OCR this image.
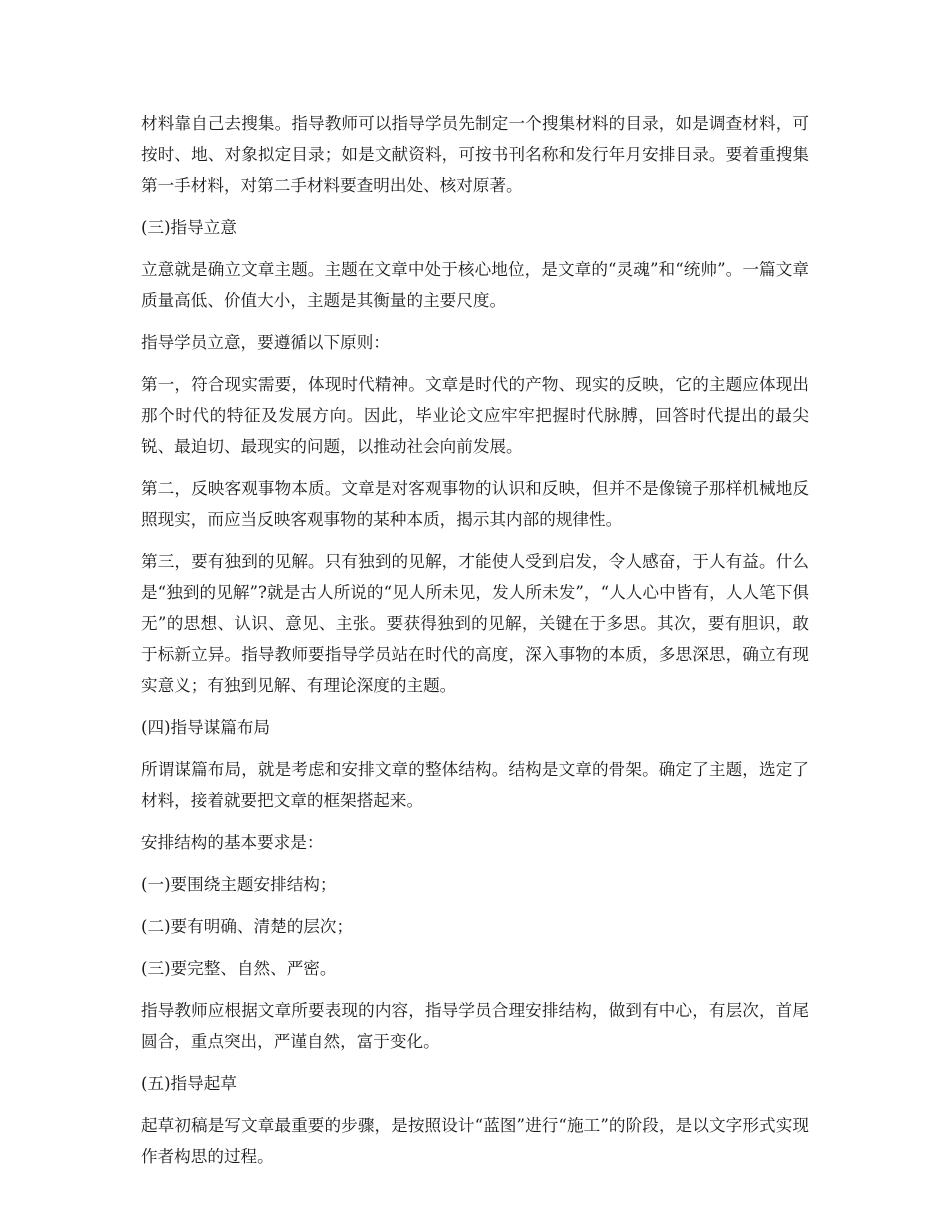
材料靠自己去搜集。指导教师可以指导学员先制定一个搜集材料的目录，如是调查材料，可按时、地、对象拟定目录；如是文献资料，可按书刊名称和发行年月安排目录。要着重搜集第一手材料，对第二手材料要查明出处、核对原著。

(三)指导立意

立意就是确立文章主题。主题在文章中处于核心地位，是文章的“灵魂”和“统帅”。一篇文章质量高低、价值大小，主题是其衡量的主要尺度。

指导学员立意，要遵循以下原则：

第一，符合现实需要，体现时代精神。文章是时代的产物、现实的反映，它的主题应体现出那个时代的特征及发展方向。因此，毕业论文应牢牢把握时代脉膊，回答时代提出的最尖锐、最迫切、最现实的问题，以推动社会向前发展。

第二，反映客观事物本质。文章是对客观事物的认识和反映，但并不是像镜子那样机械地反照现实，而应当反映客观事物的某种本质，揭示其内部的规律性。

第三，要有独到的见解。只有独到的见解，才能使人受到启发，令人感奋，于人有益。什么是“独到的见解”?就是古人所说的“见人所未见，发人所未发”，“人人心中皆有，人人笔下俱无”的思想、认识、意见、主张。要获得独到的见解，关键在于多思。其次，要有胆识，敢于标新立异。指导教师要指导学员站在时代的高度，深入事物的本质，多思深思，确立有现实意义；有独到见解、有理论深度的主题。

(四)指导谋篇布局

所谓谋篇布局，就是考虑和安排文章的整体结构。结构是文章的骨架。确定了主题，选定了材料，接着就要把文章的框架搭起来。

安排结构的基本要求是：

(一)要围绕主题安排结构；

(二)要有明确、清楚的层次；

(三)要完整、自然、严密。

指导教师应根据文章所要表现的内容，指导学员合理安排结构，做到有中心，有层次，首尾圆合，重点突出，严谨自然，富于变化。

(五)指导起草

起草初稿是写文章最重要的步骤，是按照设计“蓝图”进行“施工”的阶段，是以文字形式实现作者构思的过程。
